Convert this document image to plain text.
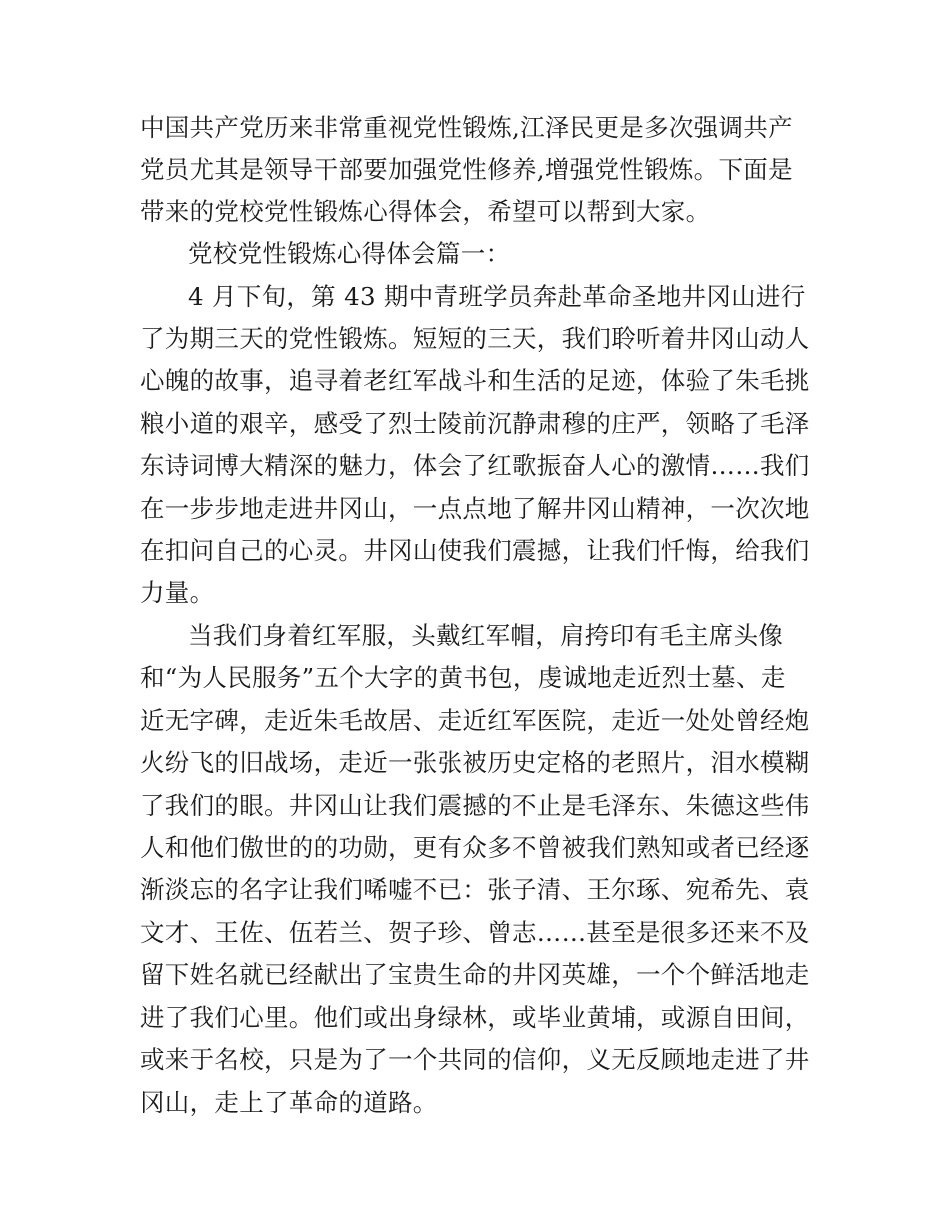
中国共产党历来非常重视党性锻炼,江泽民更是多次强调共产
党员尤其是领导干部要加强党性修养,增强党性锻炼。下面是
带来的党校党性锻炼心得体会，希望可以帮到大家。
党校党性锻炼心得体会篇一：
4 月下旬，第 43 期中青班学员奔赴革命圣地井冈山进行
了为期三天的党性锻炼。短短的三天，我们聆听着井冈山动人
心魄的故事，追寻着老红军战斗和生活的足迹，体验了朱毛挑
粮小道的艰辛，感受了烈士陵前沉静肃穆的庄严，领略了毛泽
东诗词博大精深的魅力，体会了红歌振奋人心的激情……我们
在一步步地走进井冈山，一点点地了解井冈山精神，一次次地
在扣问自己的心灵。井冈山使我们震撼，让我们忏悔，给我们
力量。
当我们身着红军服，头戴红军帽，肩挎印有毛主席头像
和“为人民服务”五个大字的黄书包，虔诚地走近烈士墓、走
近无字碑，走近朱毛故居、走近红军医院，走近一处处曾经炮
火纷飞的旧战场，走近一张张被历史定格的老照片，泪水模糊
了我们的眼。井冈山让我们震撼的不止是毛泽东、朱德这些伟
人和他们傲世的的功勋，更有众多不曾被我们熟知或者已经逐
渐淡忘的名字让我们唏嘘不已：张子清、王尔琢、宛希先、袁
文才、王佐、伍若兰、贺子珍、曾志……甚至是很多还来不及
留下姓名就已经献出了宝贵生命的井冈英雄，一个个鲜活地走
进了我们心里。他们或出身绿林，或毕业黄埔，或源自田间，
或来于名校，只是为了一个共同的信仰，义无反顾地走进了井
冈山，走上了革命的道路。
